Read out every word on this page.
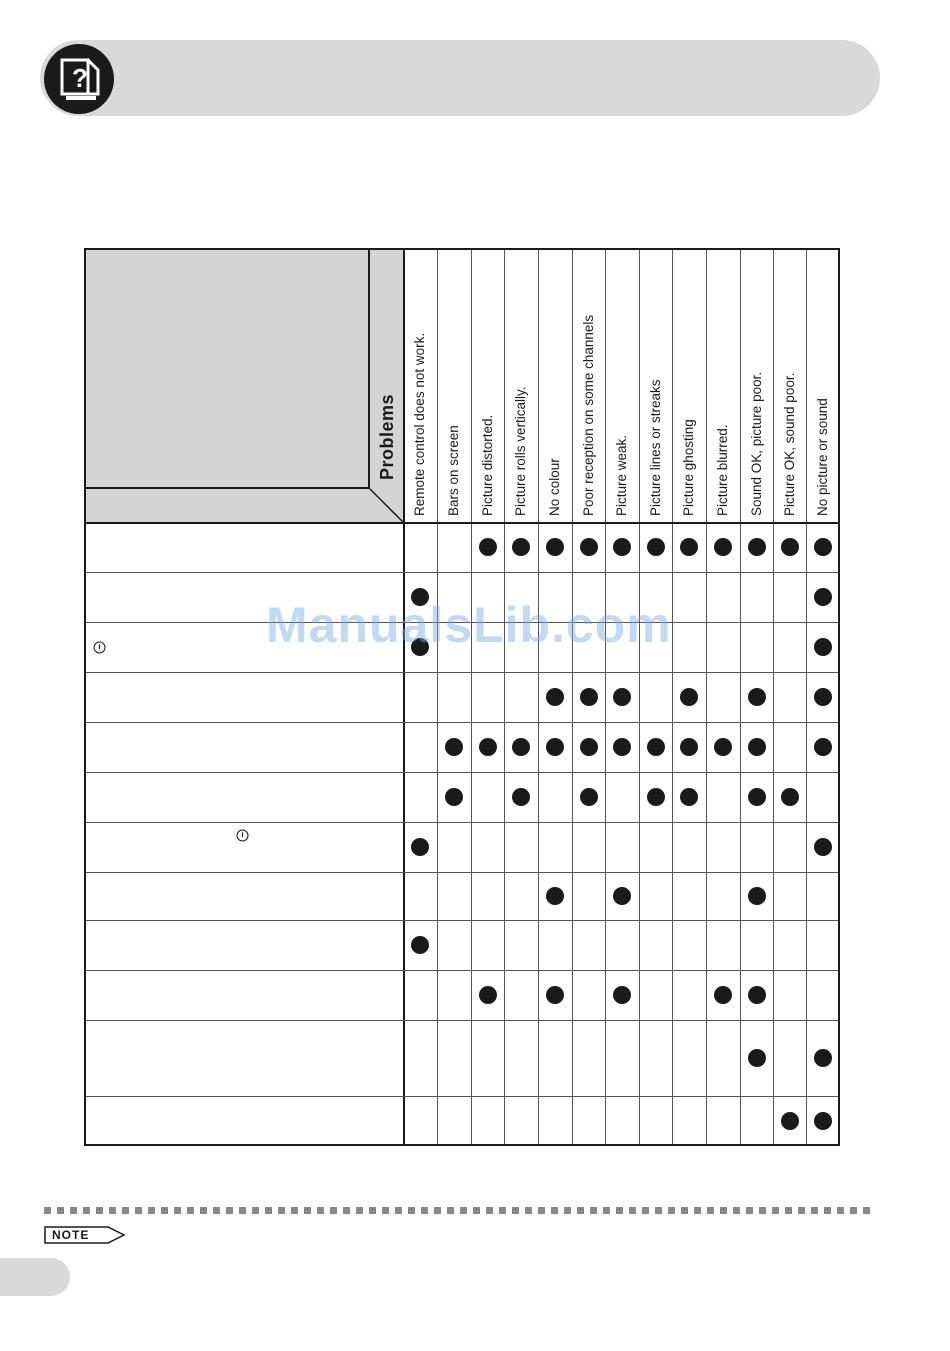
?
Problems Remote control does not work. Bars on screen Picture distorted. Picture rolls vertically. No colour Poor reception on some channels Picture weak. Picture lines or streaks Picture ghosting Picture blurred. Sound OK, picture poor. Picture OK, sound poor. No picture or sound
ManualsLib.com
NOTE
